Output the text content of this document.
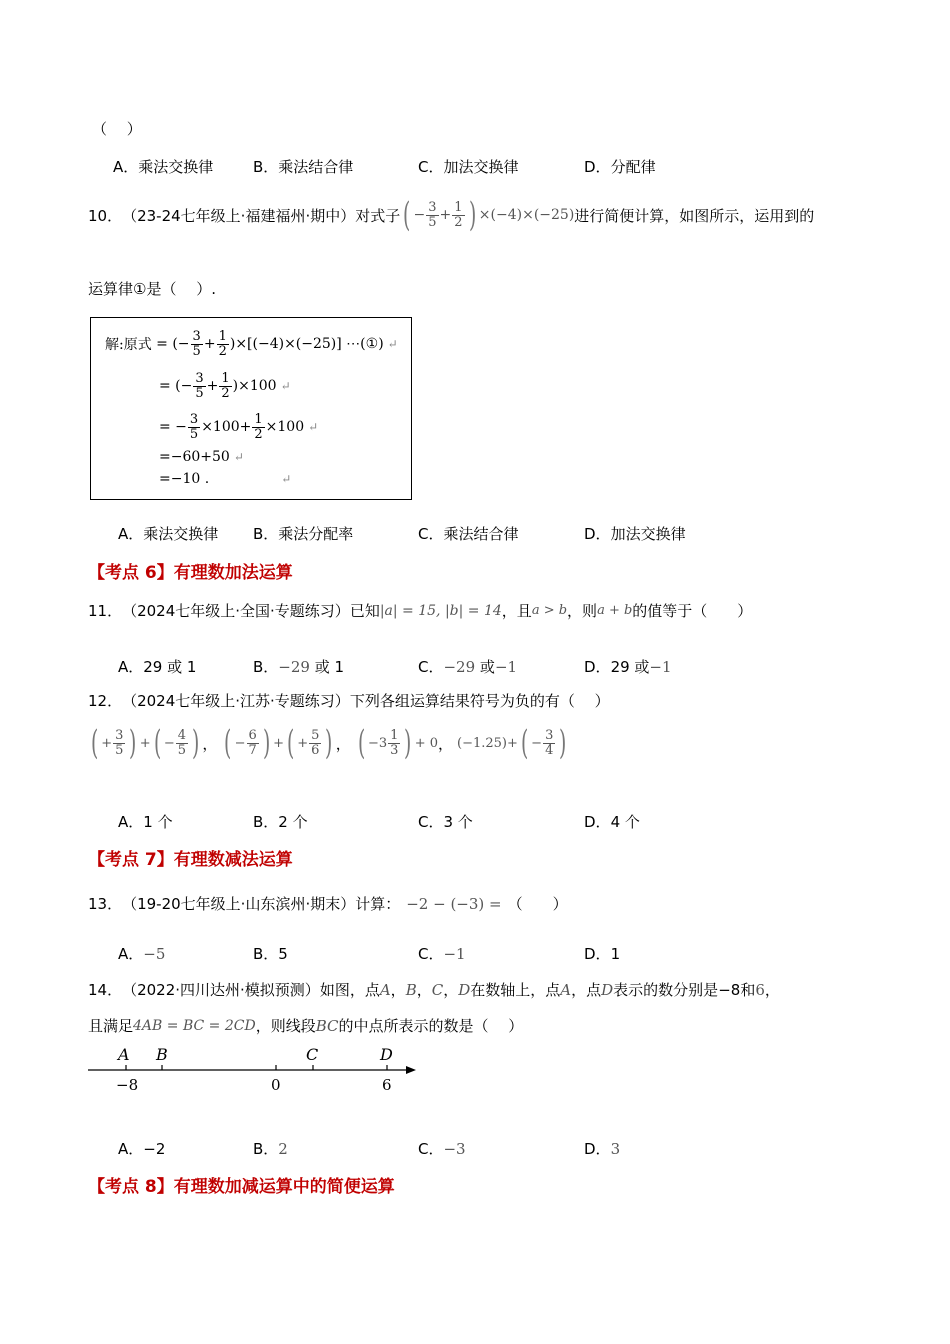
（　 ）
A．乘法交换律	B．乘法结合律	C．加法交换律	D．分配律
10． （23-24七年级上·福建福州·期中） 对式子 ( − $\frac{3}{5} + \frac{1}{2}$ ) ×(−4)×(−25) 进行简便计算，如图所示，运用到的
运算律①是（　 ）.
解:原式 = (− $\frac{3}{5} + \frac{1}{2}$ ) ×[(−4)×(−25)] ⋯(①) ↵
= (− $\frac{3}{5} + \frac{1}{2}$ ) ×100 ↵
= − $\frac{3}{5} \times 100+ \frac{1}{2} \times 100$ ↵
=−60+50 ↵
=−10 .	↵
A．乘法交换律 B．乘法分配率	C．乘法结合律	D．加法交换律
【考点 6】有理数加法运算
11． （2024七年级上·全国·专题练习） 已知 |a| = 15, |b| = 14 ，且 a > b ，则 a + b 的值等于（　　）
A．29 或 1	B．−29 或 1	C．−29 或−1	D．29 或−1
12． （2024七年级上·江苏·专题练习） 下列各组运算结果符号为负的有（　 ）
( + $\frac{3}{5}$ ) + ( − $\frac{4}{5}$ ) ， ( − $\frac{6}{7}$ ) + ( + $\frac{5}{6}$ ) ， ( $-3 \frac{1}{3}$ ) + 0 ， (−1.25) + ( − $\frac{3}{4}$ )
A．1 个	B．2 个	C．3 个	D．4 个
【考点 7】有理数减法运算
13． （19-20七年级上·山东滨州·期末） 计算： −2 − (−3) = （　　）
A．−5	B．5	C．−1	D．1
14． （2022·四川达州·模拟预测） 如图，点 A ， B ， C ， D 在数轴上，点 A ，点 D 表示的数分别是 −8 和 6 ，
且满足 4AB = BC = 2CD ，则线段 BC 的中点所表示的数是（　 ）
A B	C	D
−8	0	6
A．−2	B．2	C．−3	D．3
【考点 8】有理数加减运算中的简便运算
